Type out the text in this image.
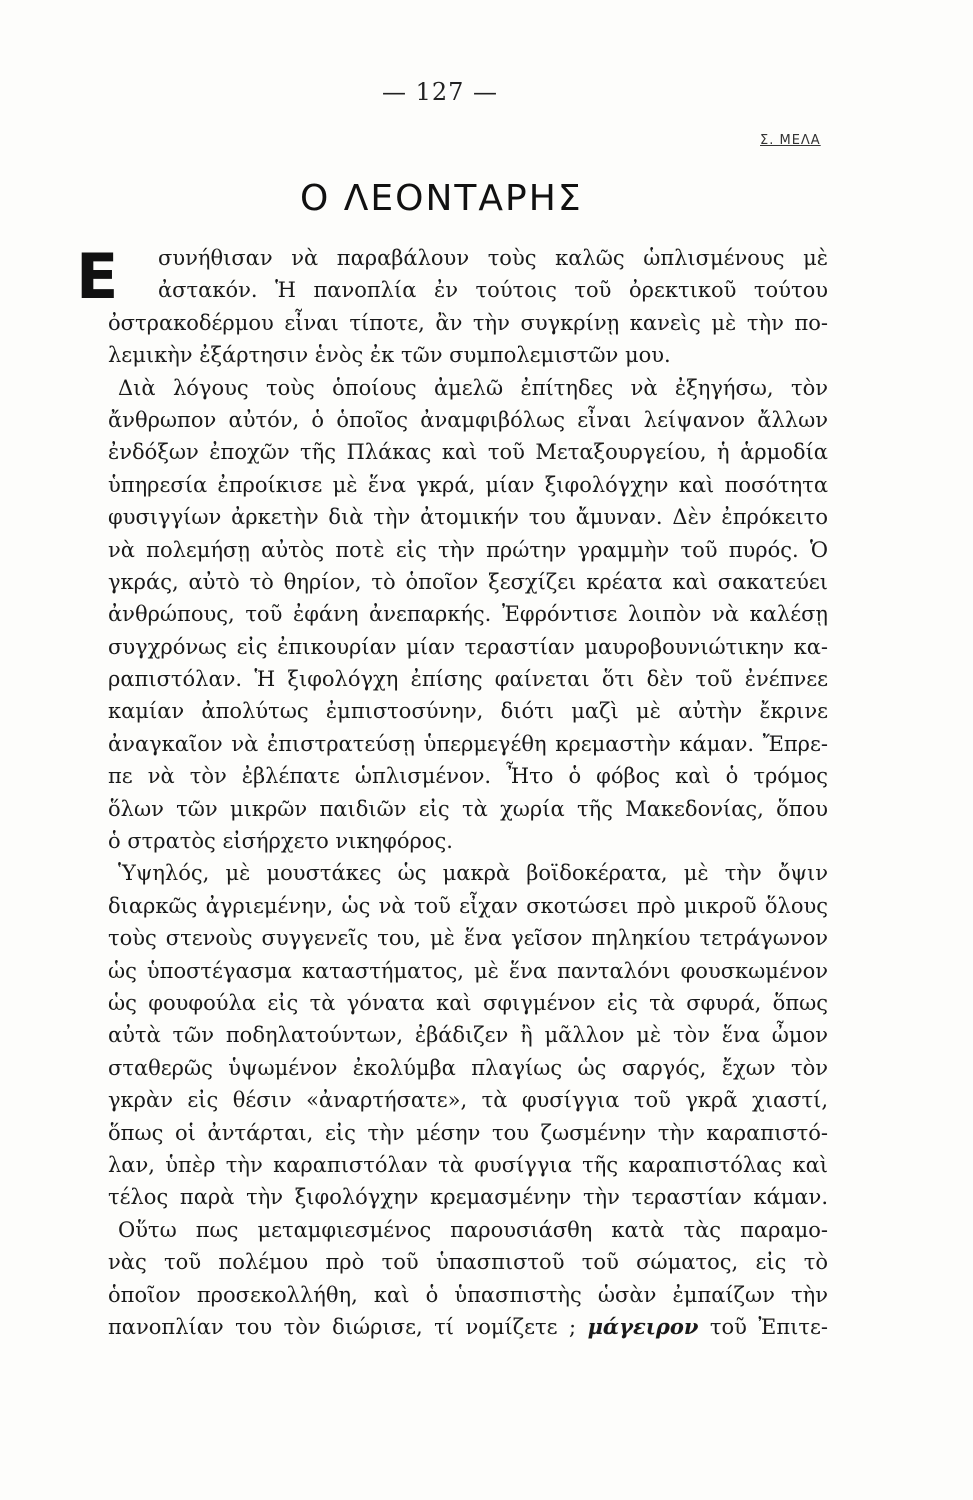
— 127 —
Σ. ΜΕΛΑ
Ο ΛΕΟΝΤΑΡΗΣ
Ε	συνήθισαν νὰ παραβάλουν τοὺς καλῶς ὡπλισμένους μὲ
ἀστακόν. Ἡ πανοπλία ἐν τούτοις τοῦ ὀρεκτικοῦ τούτου
ὀστρακοδέρμου εἶναι τίποτε, ἂν τὴν συγκρίνῃ κανεὶς μὲ τὴν πο-
λεμικὴν ἐξάρτησιν ἑνὸς ἐκ τῶν συμπολεμιστῶν μου.
Διὰ λόγους τοὺς ὁποίους ἀμελῶ ἐπίτηδες νὰ ἐξηγήσω, τὸν
ἄνθρωπον αὐτόν, ὁ ὁποῖος ἀναμφιβόλως εἶναι λείψανον ἄλλων
ἐνδόξων ἐποχῶν τῆς Πλάκας καὶ τοῦ Μεταξουργείου, ἡ ἁρμοδία
ὑπηρεσία ἐπροίκισε μὲ ἕνα γκρά, μίαν ξιφολόγχην καὶ ποσότητα
φυσιγγίων ἀρκετὴν διὰ τὴν ἀτομικήν του ἄμυναν. Δὲν ἐπρόκειτο
νὰ πολεμήσῃ αὐτὸς ποτὲ εἰς τὴν πρώτην γραμμὴν τοῦ πυρός. Ὁ
γκράς, αὐτὸ τὸ θηρίον, τὸ ὁποῖον ξεσχίζει κρέατα καὶ σακατεύει
ἀνθρώπους, τοῦ ἐφάνη ἀνεπαρκής. Ἐφρόντισε λοιπὸν νὰ καλέσῃ
συγχρόνως εἰς ἐπικουρίαν μίαν τεραστίαν μαυροβουνιώτικην κα-
ραπιστόλαν. Ἡ ξιφολόγχη ἐπίσης φαίνεται ὅτι δὲν τοῦ ἐνέπνεε
καμίαν ἀπολύτως ἐμπιστοσύνην, διότι μαζὶ μὲ αὐτὴν ἔκρινε
ἀναγκαῖον νὰ ἐπιστρατεύσῃ ὑπερμεγέθη κρεμαστὴν κάμαν. Ἔπρε-
πε νὰ τὸν ἐβλέπατε ὡπλισμένον. Ἦτο ὁ φόβος καὶ ὁ τρόμος
ὅλων τῶν μικρῶν παιδιῶν εἰς τὰ χωρία τῆς Μακεδονίας, ὅπου
ὁ στρατὸς εἰσήρχετο νικηφόρος.
Ὑψηλός, μὲ μουστάκες ὡς μακρὰ βοϊδοκέρατα, μὲ τὴν ὄψιν
διαρκῶς ἀγριεμένην, ὡς νὰ τοῦ εἶχαν σκοτώσει πρὸ μικροῦ ὅλους
τοὺς στενοὺς συγγενεῖς του, μὲ ἕνα γεῖσον πηληκίου τετράγωνον
ὡς ὑποστέγασμα καταστήματος, μὲ ἕνα πανταλόνι φουσκωμένον
ὡς φουφούλα εἰς τὰ γόνατα καὶ σφιγμένον εἰς τὰ σφυρά, ὅπως
αὐτὰ τῶν ποδηλατούντων, ἐβάδιζεν ἢ μᾶλλον μὲ τὸν ἕνα ὦμον
σταθερῶς ὑψωμένον ἐκολύμβα πλαγίως ὡς σαργός, ἔχων τὸν
γκρὰν εἰς θέσιν «ἀναρτήσατε», τὰ φυσίγγια τοῦ γκρᾶ χιαστί,
ὅπως οἱ ἀντάρται, εἰς τὴν μέσην του ζωσμένην τὴν καραπιστό-
λαν, ὑπὲρ τὴν καραπιστόλαν τὰ φυσίγγια τῆς καραπιστόλας καὶ
τέλος παρὰ τὴν ξιφολόγχην κρεμασμένην τὴν τεραστίαν κάμαν.
Οὕτω πως μεταμφιεσμένος παρουσιάσθη κατὰ τὰς παραμο-
νὰς τοῦ πολέμου πρὸ τοῦ ὑπασπιστοῦ τοῦ σώματος, εἰς τὸ
ὁποῖον προσεκολλήθη, καὶ ὁ ὑπασπιστὴς ὡσὰν ἐμπαίζων τὴν
πανοπλίαν του τὸν διώρισε, τί νομίζετε ; μάγειρον τοῦ Ἐπιτε-
